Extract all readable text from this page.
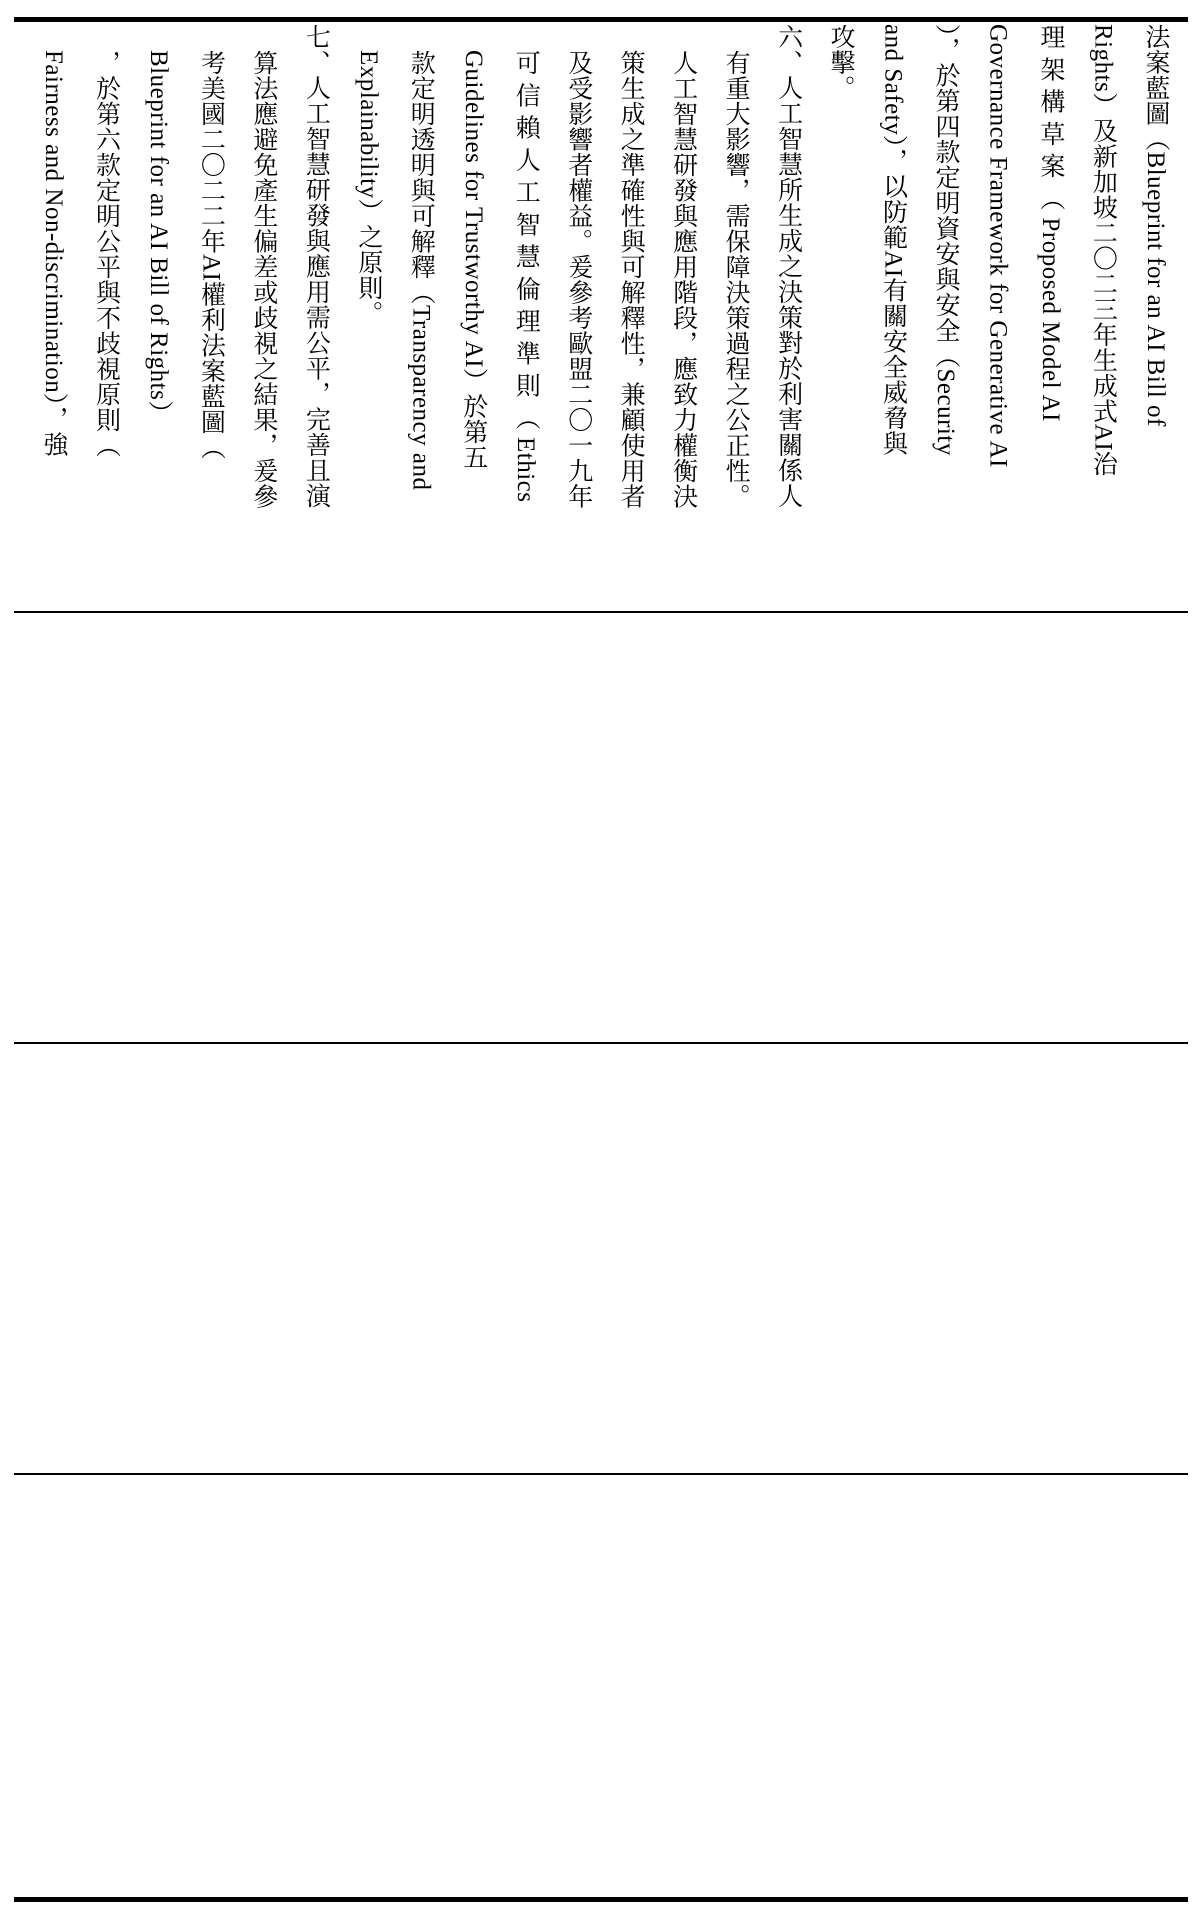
法案藍圖（Blueprint for an AI Bill of
Rights）及新加坡二〇二三年生成式AI治
理 架 構 草 案 （ Proposed Model AI
Governance Framework for Generative AI
），於第四款定明資安與安全（Security
and Safety），以防範AI有關安全威脅與
攻擊。
六、人工智慧所生成之決策對於利害關係人
有重大影響，需保障決策過程之公正性。
人工智慧研發與應用階段，應致力權衡決
策生成之準確性與可解釋性，兼顧使用者
及受影響者權益。爰參考歐盟二〇一九年
可 信 賴 人 工 智 慧 倫 理 準 則 （ Ethics
Guidelines for Trustworthy AI）於第五
款定明透明與可解釋（Transparency and
Explainability）之原則。
七、人工智慧研發與應用需公平，完善且演
算法應避免產生偏差或歧視之結果，爰參
考美國二〇二二年AI權利法案藍圖（
Blueprint for an AI Bill of Rights）
，於第六款定明公平與不歧視原則（
Fairness and Non-discrimination），強
